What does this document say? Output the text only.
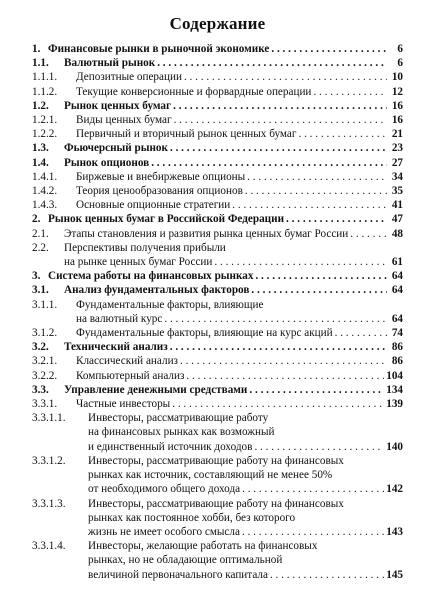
Содержание
1. Финансовые рынки в рыночной экономике . . .	6
1.1.	Валютный рынок . . .	6
1.1.1.	Депозитные операции . . .	10
1.1.2.	Текущие конверсионные и форвардные операции . . .	12
1.2.	Рынок ценных бумаг . . .	16
1.2.1.	Виды ценных бумаг . . .	16
1.2.2.	Первичный и вторичный рынок ценных бумаг . . .	21
1.3.	Фьючерсный рынок . . .	23
1.4.	Рынок опционов . . .	27
1.4.1.	Биржевые и внебиржевые опционы . . .	34
1.4.2.	Теория ценообразования опционов . . .	35
1.4.3.	Основные опционные стратегии . . .	41
2. Рынок ценных бумаг в Российской Федерации . . .	47
2.1.	Этапы становления и развития рынка ценных бумаг России . . .	48
2.2. Перспективы получения прибыли
на рынке ценных бумаг России . . .	61
3. Система работы на финансовых рынках . . .	64
3.1.	Анализ фундаментальных факторов . . .	64
3.1.1. Фундаментальные факторы, влияющие
на валютный курс . . .	64
3.1.2.	Фундаментальные факторы, влияющие на курс акций . . .	74
3.2.	Технический анализ . . .	86
3.2.1.	Классический анализ . . .	86
3.2.2.	Компьютерный анализ . . .	104
3.3.	Управление денежными средствами . . .	134
3.3.1.	Частные инвесторы . . .	139
3.3.1.1. Инвесторы, рассматривающие работу
на финансовых рынках как возможный
и единственный источник доходов . . .	140
3.3.1.2. Инвесторы, рассматривающие работу на финансовых
рынках как источник, составляющий не менее 50%
от необходимого общего дохода . . .	142
3.3.1.3. Инвесторы, рассматривающие работу на финансовых
рынках как постоянное хобби, без которого
жизнь не имеет особого смысла . . .	143
3.3.1.4. Инвесторы, желающие работать на финансовых
рынках, но не обладающие оптимальной
величиной первоначального капитала . . .	145
